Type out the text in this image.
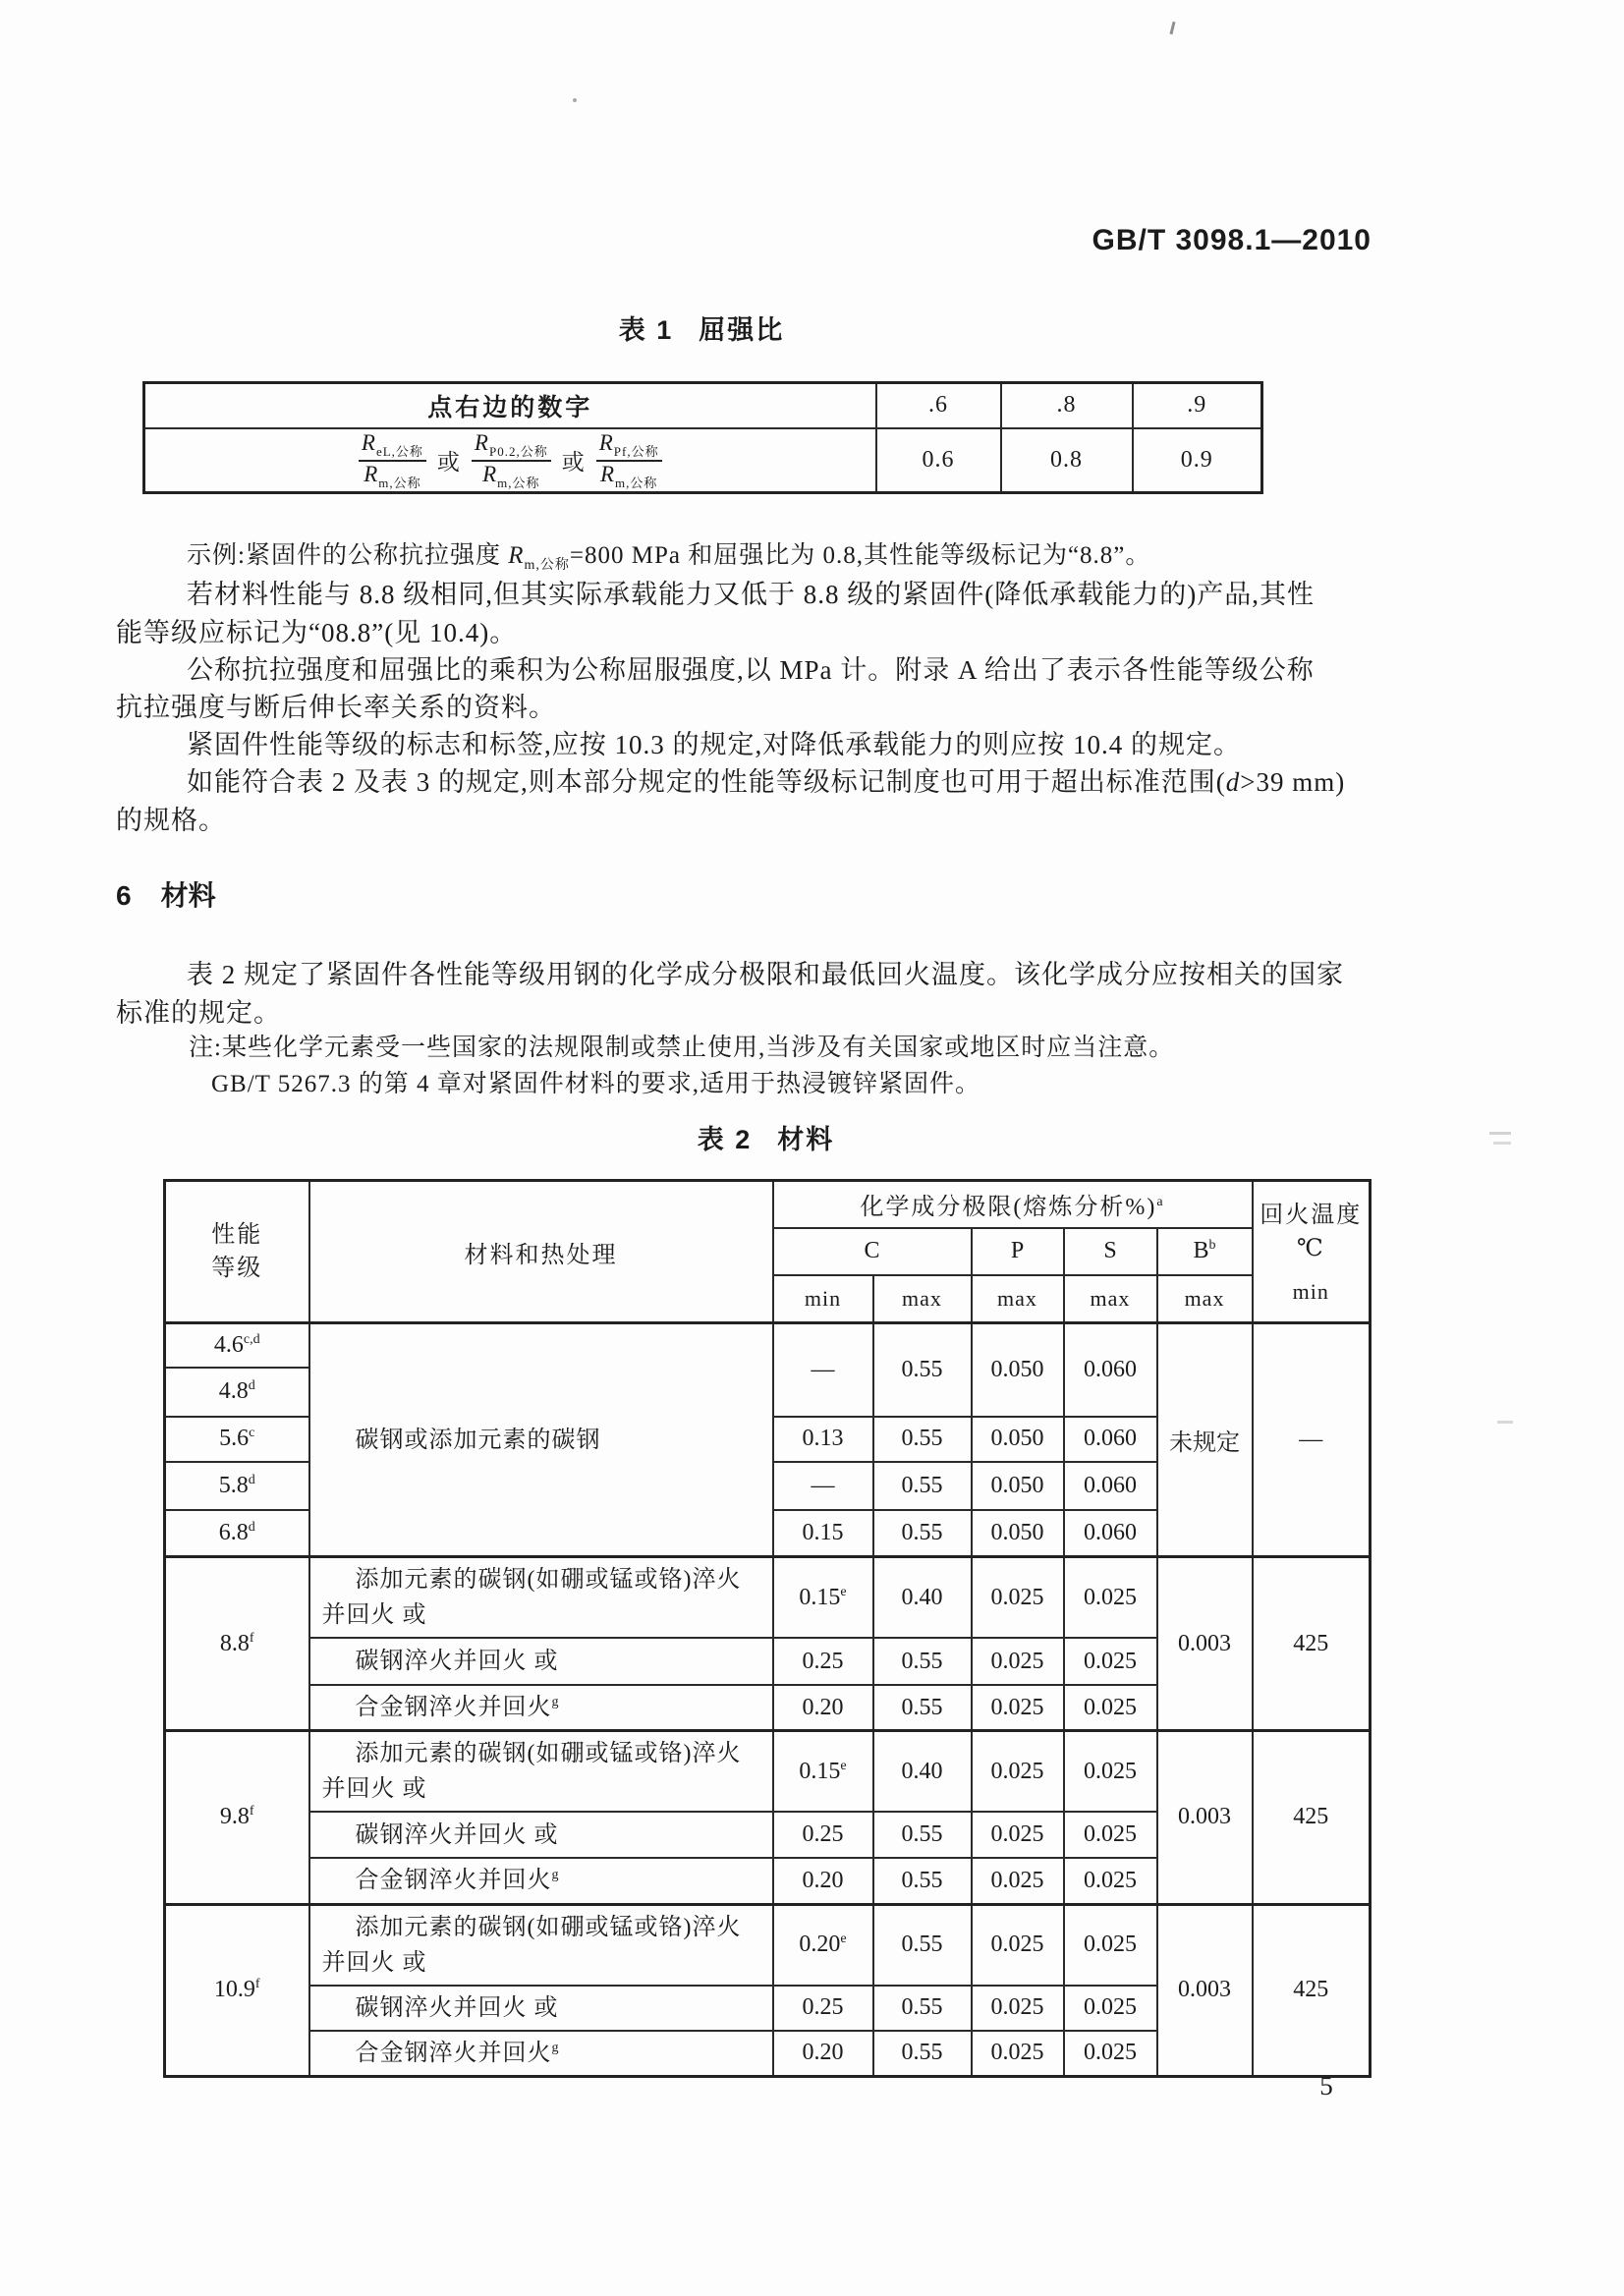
GB/T 3098.1—2010
表 1 屈强比
点右边的数字	.6	.8	.9

$\frac{R_{eL,公称}}{R_{m,公称}}$ 或 $\frac{R_{P0.2,公称}}{R_{m,公称}}$ 或 $\frac{R_{Pf,公称}}{R_{m,公称}}$	0.6	0.8	0.9
示例:紧固件的公称抗拉强度 $R_{m,公称}=800$ MPa 和屈强比为 0.8,其性能等级标记为“8.8”。
若材料性能与 8.8 级相同,但其实际承载能力又低于 8.8 级的紧固件(降低承载能力的)产品,其性
能等级应标记为“08.8”(见 10.4)。
公称抗拉强度和屈强比的乘积为公称屈服强度,以 MPa 计。附录 A 给出了表示各性能等级公称
抗拉强度与断后伸长率关系的资料。
紧固件性能等级的标志和标签,应按 10.3 的规定,对降低承载能力的则应按 10.4 的规定。
如能符合表 2 及表 3 的规定,则本部分规定的性能等级标记制度也可用于超出标准范围(d>39 mm)
的规格。
6 材料
表 2 规定了紧固件各性能等级用钢的化学成分极限和最低回火温度。该化学成分应按相关的国家
标准的规定。
注:某些化学元素受一些国家的法规限制或禁止使用,当涉及有关国家或地区时应当注意。
GB/T 5267.3 的第 4 章对紧固件材料的要求,适用于热浸镀锌紧固件。
表 2 材料
性能
等级
	材料和热处理	化学成分极限(熔炼分析%)$^a$	
回火温度
℃
min

		C		P	S	$B^b$
		min	max	max	max	max	
4.6$^{c,d}$	碳钢或添加元素的碳钢	—	0.55	0.050	0.060	未规定	—
4.8$^d$
5.6$^c$		0.13	0.55	0.050	0.060		
5.8$^d$		—	0.55	0.050	0.060		
6.8$^d$		0.15	0.55	0.050	0.060		
8.8$^f$	添加元素的碳钢(如硼或锰或铬)淬火并回火 或	0.15e	0.40	0.025	0.025	0.003	425
	碳钢淬火并回火 或	0.25	0.55	0.025	0.025		
	合金钢淬火并回火$^g$	0.20	0.55	0.025	0.025		
9.8$^f$	添加元素的碳钢(如硼或锰或铬)淬火并回火 或	0.15e	0.40	0.025	0.025	0.003	425
	碳钢淬火并回火 或	0.25	0.55	0.025	0.025		
	合金钢淬火并回火$^g$	0.20	0.55	0.025	0.025		
10.9$^f$	添加元素的碳钢(如硼或锰或铬)淬火并回火 或	0.20e	0.55	0.025	0.025	0.003	425
	碳钢淬火并回火 或	0.25	0.55	0.025	0.025		
	合金钢淬火并回火$^g$	0.20	0.55	0.025	0.025		
5
